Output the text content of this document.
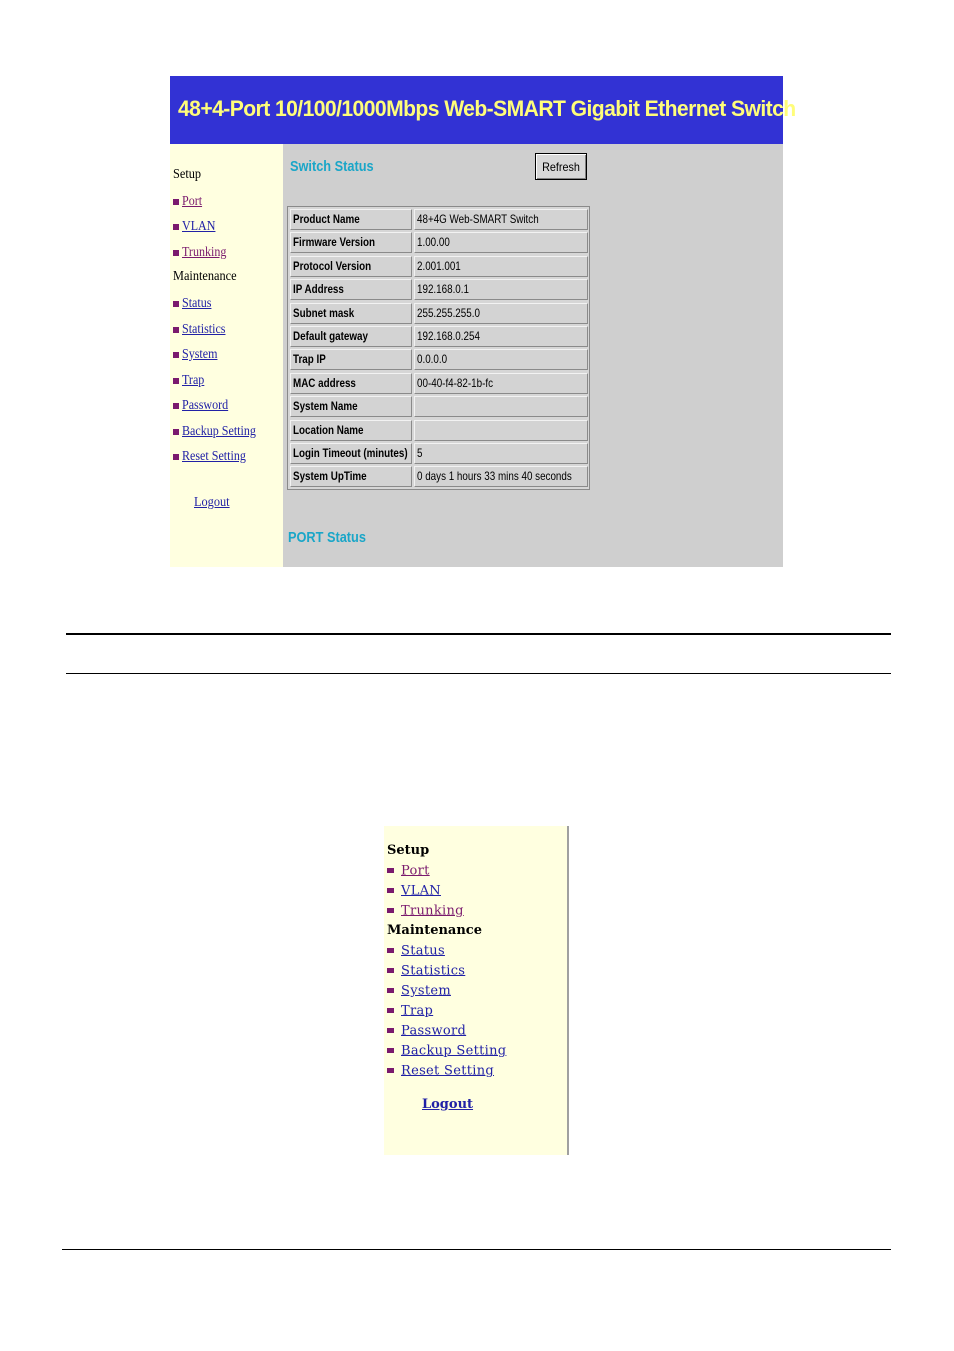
48+4-Port 10/100/1000Mbps Web-SMART Gigabit Ethernet Switch
Setup
Port
VLAN
Trunking
Maintenance
Status
Statistics
System
Trap
Password
Backup Setting
Reset Setting
Logout
Switch Status	Refresh
Product Name	48+4G Web-SMART Switch
Firmware Version	1.00.00
Protocol Version	2.001.001
IP Address	192.168.0.1
Subnet mask	255.255.255.0
Default gateway	192.168.0.254
Trap IP	0.0.0.0
MAC address	00-40-f4-82-1b-fc
System Name
Location Name
Login Timeout (minutes) 5
System UpTime	0 days 1 hours 33 mins 40 seconds
PORT Status
Setup
Port
VLAN
Trunking
Maintenance
Status
Statistics
System
Trap
Password
Backup Setting
Reset Setting
Logout
